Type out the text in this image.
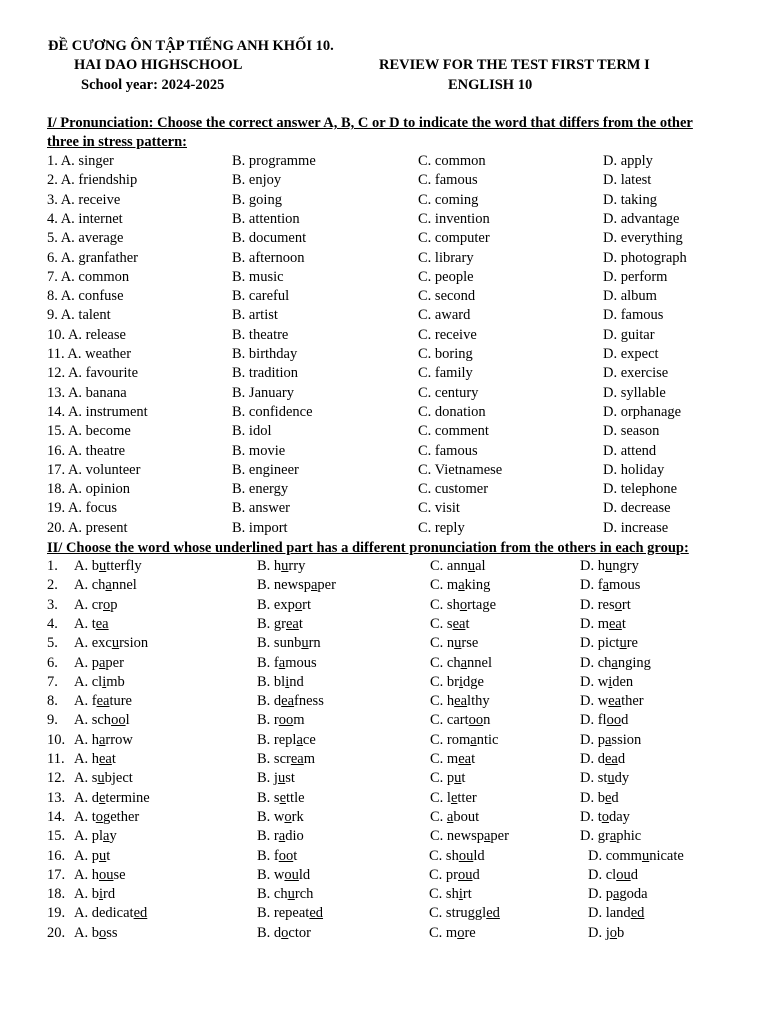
ĐỀ CƯƠNG ÔN TẬP TIẾNG ANH KHỐI 10.
HAI DAO HIGHSCHOOL	REVIEW FOR THE TEST FIRST TERM I
School year: 2024-2025	ENGLISH 10
I/ Pronunciation: Choose the correct answer A, B, C or D to indicate the word that differs from the other
three in stress pattern:
1. A. singer	B. programme	C. common	D. apply
2. A. friendship	B. enjoy	C. famous	D. latest
3. A. receive	B. going	C. coming	D. taking
4. A. internet	B. attention	C. invention	D. advantage
5. A. average	B. document	C. computer	D. everything
6. A. granfather	B. afternoon	C. library	D. photograph
7. A. common	B. music	C. people	D. perform
8. A. confuse	B. careful	C. second	D. album
9. A. talent	B. artist	C. award	D. famous
10. A. release	B. theatre	C. receive	D. guitar
11. A. weather	B. birthday	C. boring	D. expect
12. A. favourite	B. tradition	C. family	D. exercise
13. A. banana	B. January	C. century	D. syllable
14. A. instrument	B. confidence	C. donation	D. orphanage
15. A. become	B. idol	C. comment	D. season
16. A. theatre	B. movie	C. famous	D. attend
17. A. volunteer	B. engineer	C. Vietnamese	D. holiday
18. A. opinion	B. energy	C. customer	D. telephone
19. A. focus	B. answer	C. visit	D. decrease
20. A. present	B. import	C. reply	D. increase
II/ Choose the word whose underlined part has a different pronunciation from the others in each group:
1. A. butterfly	B. hurry	C. annual	D. hungry
2. A. channel	B. newspaper	C. making	D. famous
3. A. crop	B. export	C. shortage	D. resort
4. A. tea	B. great	C. seat	D. meat
5. A. excursion	B. sunburn	C. nurse	D. picture
6. A. paper	B. famous	C. channel	D. changing
7. A. climb	B. blind	C. bridge	D. widen
8. A. feature	B. deafness	C. healthy	D. weather
9. A. school	B. room	C. cartoon	D. flood
10. A. harrow	B. replace	C. romantic	D. passion
11. A. heat	B. scream	C. meat	D. dead
12. A. subject	B. just	C. put	D. study
13. A. determine	B. settle	C. letter	D. bed
14. A. together	B. work	C. about	D. today
15. A. play	B. radio	C. newspaper	D. graphic
16. A. put	B. foot	C. should	D. communicate
17. A. house	B. would	C. proud	D. cloud
18. A. bird	B. church	C. shirt	D. pagoda
19. A. dedicated	B. repeated	C. struggled	D. landed
20. A. boss	B. doctor	C. more	D. job
